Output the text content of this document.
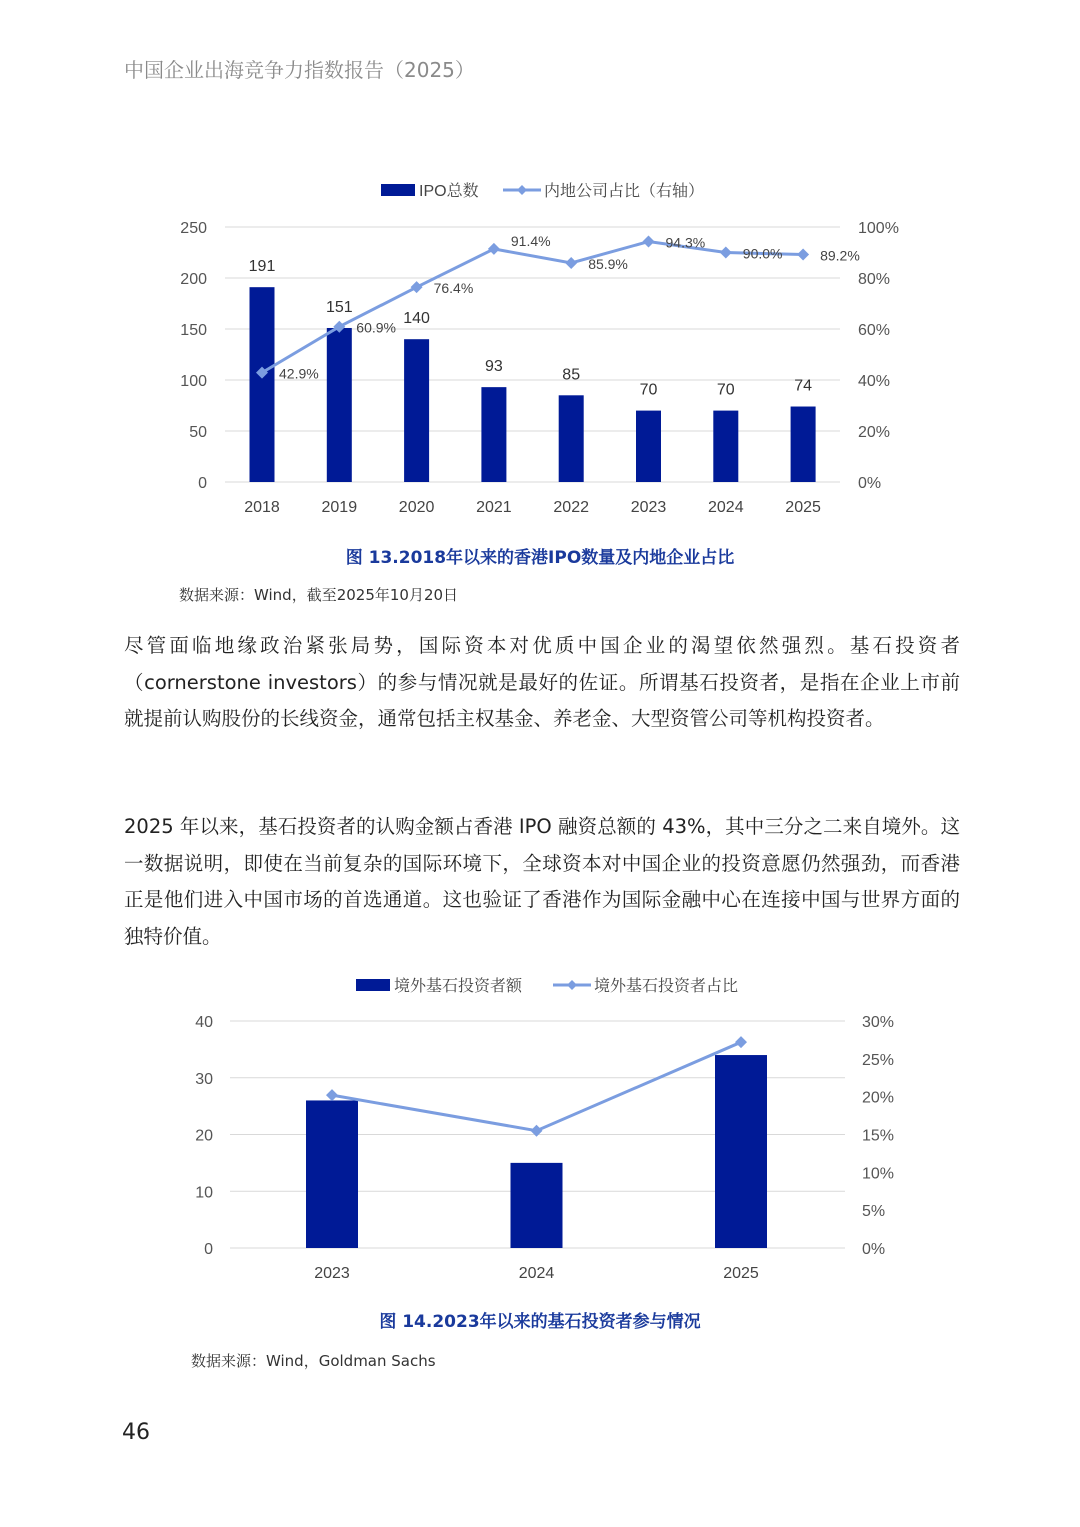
中国企业出海竞争力指数报告（2025）
0
50
100
150
200
250
0%
20%
40%
60%
80%
100%
2018	2019	2020	2021	2022	2023	2024	2025
191
151
140
93	85
70	70	74
42.9%
60.9%
76.4%
91.4%
85.9%
94.3%
90.0%	89.2%
IPO总数	内地公司占比（右轴）
图 13.2018年以来的香港IPO数量及内地企业占比
数据来源：Wind，截至2025年10月20日
尽管面临地缘政治紧张局势，国际资本对优质中国企业的渴望依然强烈。基石投资者（cornerstone investors）的参与情况就是最好的佐证。所谓基石投资者，是指在企业上市前就提前认购股份的长线资金，通常包括主权基金、养老金、大型资管公司等机构投资者。
2025 年以来，基石投资者的认购金额占香港 IPO 融资总额的 43%，其中三分之二来自境外。这一数据说明，即使在当前复杂的国际环境下，全球资本对中国企业的投资意愿仍然强劲，而香港正是他们进入中国市场的首选通道。这也验证了香港作为国际金融中心在连接中国与世界方面的独特价值。
0
10
20
30
40
0%
5%
10%
15%
20%
25%
30%
2023	2024	2025
境外基石投资者额	境外基石投资者占比
图 14.2023年以来的基石投资者参与情况
数据来源：Wind，Goldman Sachs
46
